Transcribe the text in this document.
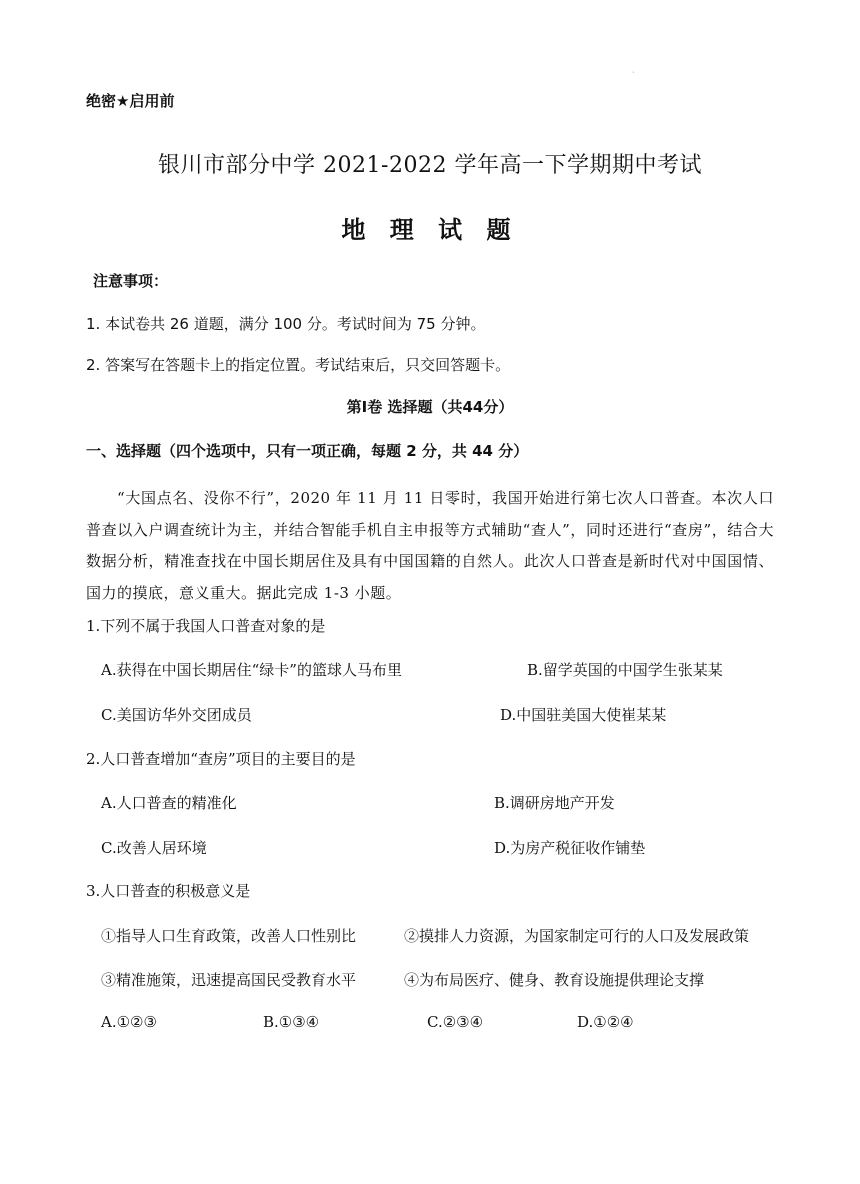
`
绝密★启用前
银川市部分中学 2021-2022 学年高一下学期期中考试
地 理 试 题
注意事项：
1. 本试卷共 26 道题，满分 100 分。考试时间为 75 分钟。
2. 答案写在答题卡上的指定位置。考试结束后，只交回答题卡。
第Ⅰ卷 选择题（共44分）
一、选择题（四个选项中，只有一项正确，每题 2 分，共 44 分）
“大国点名、没你不行”，2020 年 11 月 11 日零时，我国开始进行第七次人口普查。本次人口普查以入户调查统计为主，并结合智能手机自主申报等方式辅助“查人”，同时还进行“查房”，结合大数据分析，精准查找在中国长期居住及具有中国国籍的自然人。此次人口普查是新时代对中国国情、国力的摸底，意义重大。据此完成 1-3 小题。
1.下列不属于我国人口普查对象的是
A.获得在中国长期居住“绿卡”的篮球人马布里	B.留学英国的中国学生张某某
C.美国访华外交团成员	D.中国驻美国大使崔某某
2.人口普查增加“查房”项目的主要目的是
A.人口普查的精准化	B.调研房地产开发
C.改善人居环境	D.为房产税征收作铺垫
3.人口普查的积极意义是
①指导人口生育政策，改善人口性别比	②摸排人力资源，为国家制定可行的人口及发展政策
③精准施策，迅速提高国民受教育水平	④为布局医疗、健身、教育设施提供理论支撑
A.①②③	B.①③④	C.②③④	D.①②④
